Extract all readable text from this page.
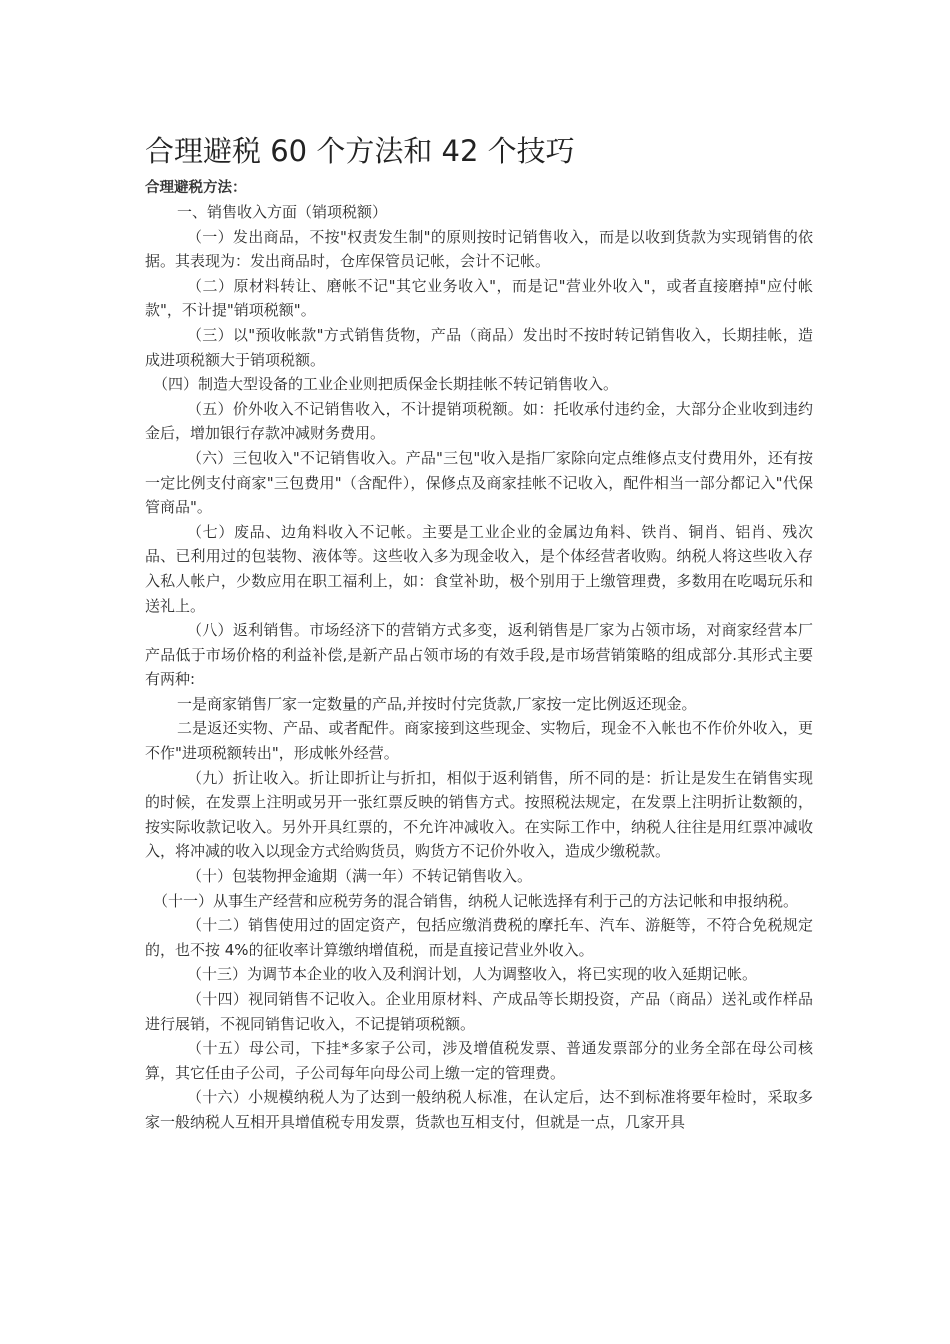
合理避税 60 个方法和 42 个技巧
合理避税方法：

一、销售收入方面（销项税额）

（一）发出商品，不按"权责发生制"的原则按时记销售收入，而是以收到货款为实现销售的依据。其表现为：发出商品时，仓库保管员记帐，会计不记帐。

（二）原材料转让、磨帐不记"其它业务收入"，而是记"营业外收入"，或者直接磨掉"应付帐款"，不计提"销项税额"。

（三）以"预收帐款"方式销售货物，产品（商品）发出时不按时转记销售收入，长期挂帐，造成进项税额大于销项税额。

（四）制造大型设备的工业企业则把质保金长期挂帐不转记销售收入。

（五）价外收入不记销售收入，不计提销项税额。如：托收承付违约金，大部分企业收到违约金后，增加银行存款冲减财务费用。

（六）三包收入"不记销售收入。产品"三包"收入是指厂家除向定点维修点支付费用外，还有按一定比例支付商家"三包费用"（含配件），保修点及商家挂帐不记收入，配件相当一部分都记入"代保管商品"。

（七）废品、边角料收入不记帐。主要是工业企业的金属边角料、铁肖、铜肖、铝肖、残次品、已利用过的包装物、液体等。这些收入多为现金收入，是个体经营者收购。纳税人将这些收入存入私人帐户，少数应用在职工福利上，如：食堂补助，极个别用于上缴管理费，多数用在吃喝玩乐和送礼上。

（八）返利销售。市场经济下的营销方式多变，返利销售是厂家为占领市场，对商家经营本厂产品低于市场价格的利益补偿,是新产品占领市场的有效手段,是市场营销策略的组成部分.其形式主要有两种:

一是商家销售厂家一定数量的产品,并按时付完货款,厂家按一定比例返还现金。

二是返还实物、产品、或者配件。商家接到这些现金、实物后，现金不入帐也不作价外收入，更不作"进项税额转出"，形成帐外经营。

（九）折让收入。折让即折让与折扣，相似于返利销售，所不同的是：折让是发生在销售实现的时候，在发票上注明或另开一张红票反映的销售方式。按照税法规定，在发票上注明折让数额的，按实际收款记收入。另外开具红票的，不允许冲减收入。在实际工作中，纳税人往往是用红票冲减收入，将冲减的收入以现金方式给购货员，购货方不记价外收入，造成少缴税款。

（十）包装物押金逾期（满一年）不转记销售收入。

（十一）从事生产经营和应税劳务的混合销售，纳税人记帐选择有利于己的方法记帐和申报纳税。

（十二）销售使用过的固定资产，包括应缴消费税的摩托车、汽车、游艇等，不符合免税规定的，也不按 4%的征收率计算缴纳增值税，而是直接记营业外收入。

（十三）为调节本企业的收入及利润计划，人为调整收入，将已实现的收入延期记帐。

（十四）视同销售不记收入。企业用原材料、产成品等长期投资，产品（商品）送礼或作样品进行展销，不视同销售记收入，不记提销项税额。

（十五）母公司，下挂*多家子公司，涉及增值税发票、普通发票部分的业务全部在母公司核算，其它任由子公司，子公司每年向母公司上缴一定的管理费。

（十六）小规模纳税人为了达到一般纳税人标准，在认定后，达不到标准将要年检时，采取多家一般纳税人互相开具增值税专用发票，货款也互相支付，但就是一点，几家开具
